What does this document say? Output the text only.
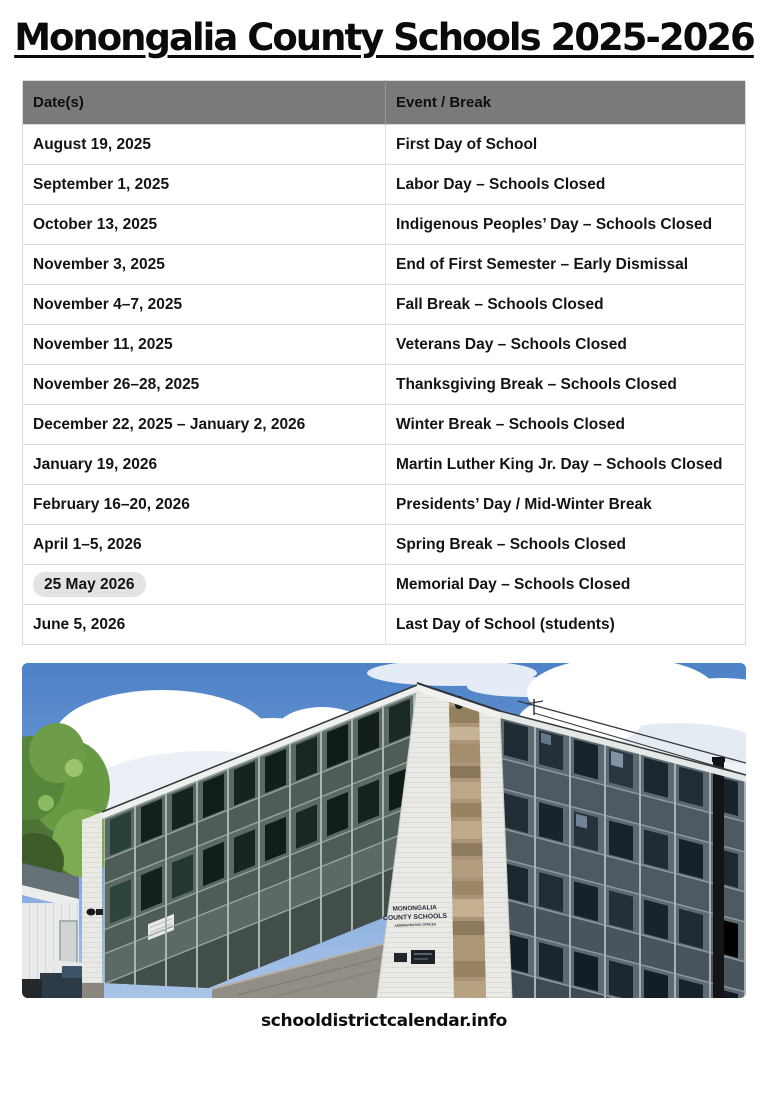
Monongalia County Schools 2025-2026
Date(s)	Event / Break
August 19, 2025	First Day of School
September 1, 2025	Labor Day – Schools Closed
October 13, 2025	Indigenous Peoples’ Day – Schools Closed
November 3, 2025	End of First Semester – Early Dismissal
November 4–7, 2025	Fall Break – Schools Closed
November 11, 2025	Veterans Day – Schools Closed
November 26–28, 2025	Thanksgiving Break – Schools Closed
December 22, 2025 – January 2, 2026	Winter Break – Schools Closed
January 19, 2026	Martin Luther King Jr. Day – Schools Closed
February 16–20, 2026	Presidents’ Day / Mid-Winter Break
April 1–5, 2026	Spring Break – Schools Closed
25 May 2026	Memorial Day – Schools Closed
June 5, 2026	Last Day of School (students)
MONONGALIA
COUNTY SCHOOLS
ADMINISTRATIVE OFFICES
schooldistrictcalendar.info
